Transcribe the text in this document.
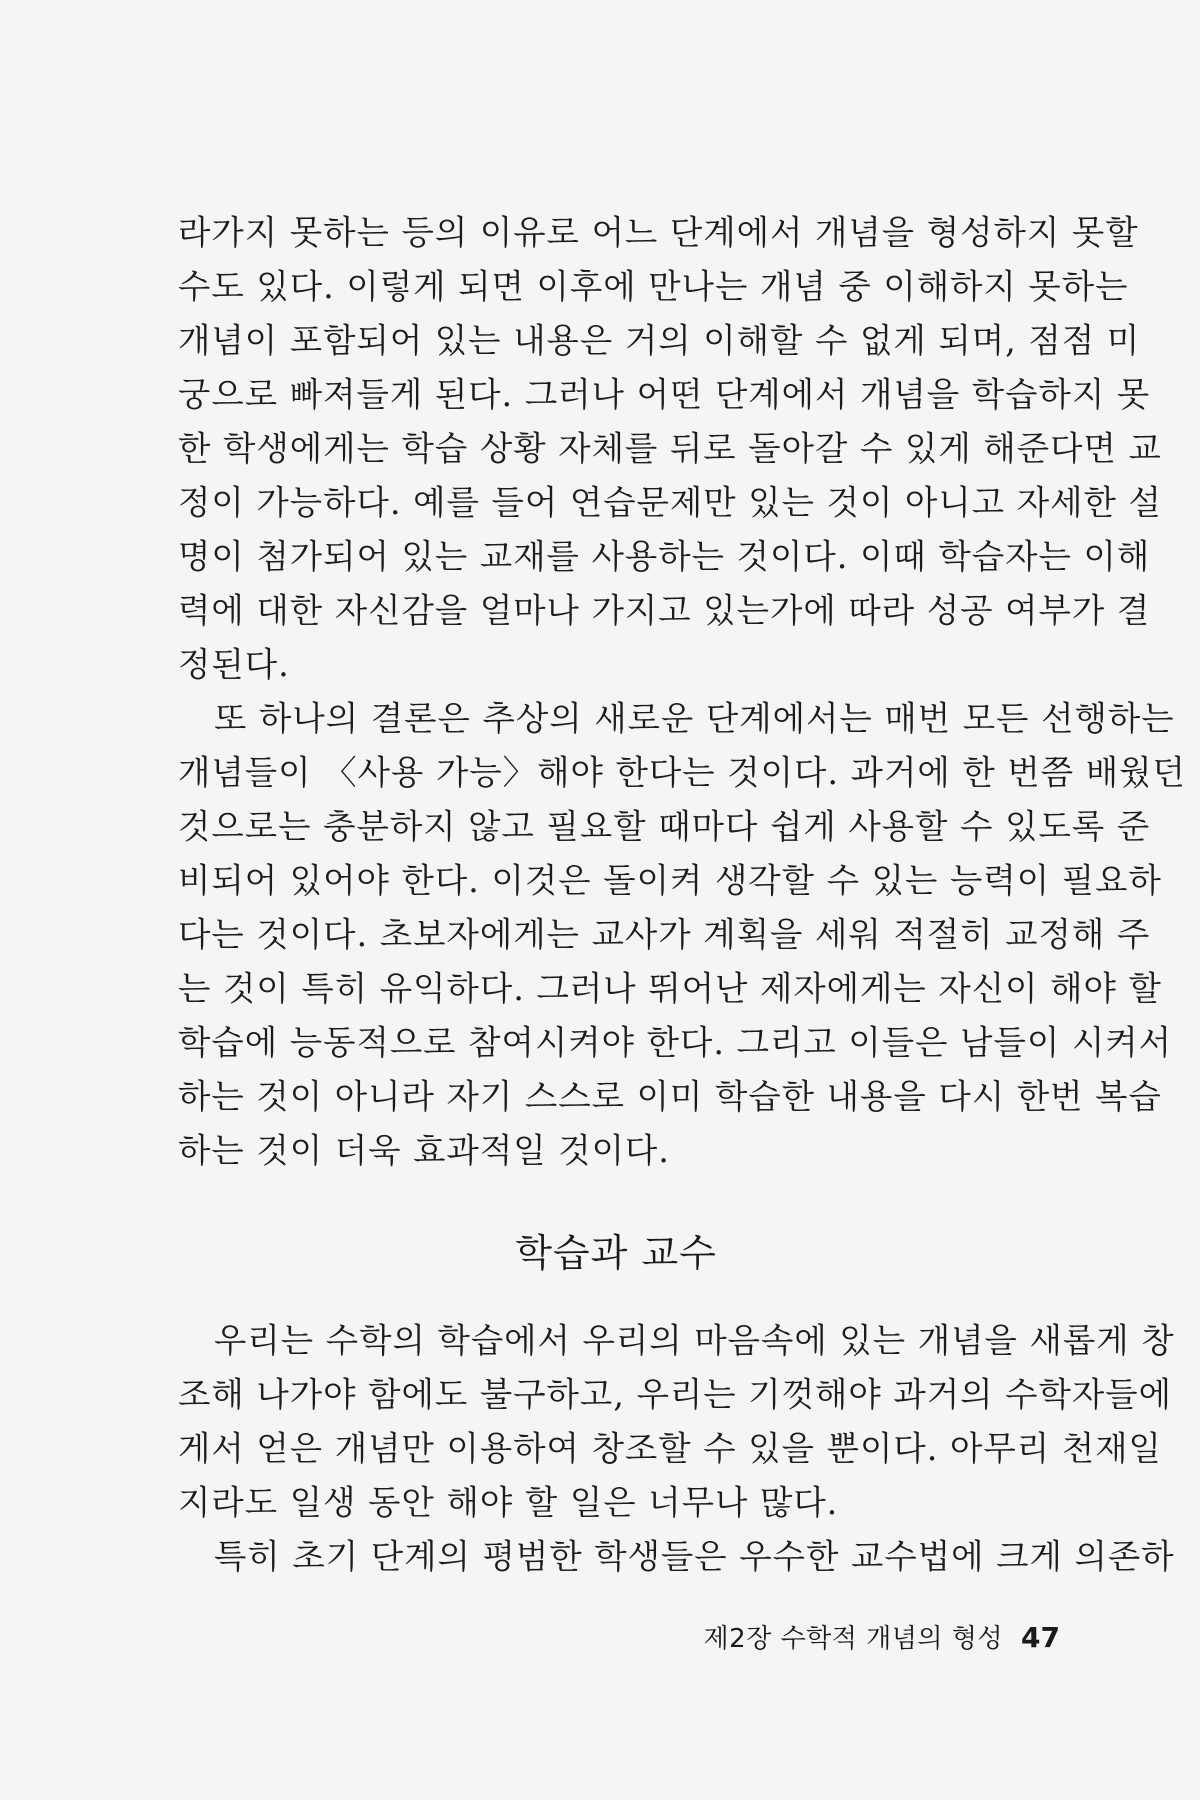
라가지 못하는 등의 이유로 어느 단계에서 개념을 형성하지 못할
수도 있다. 이렇게 되면 이후에 만나는 개념 중 이해하지 못하는
개념이 포함되어 있는 내용은 거의 이해할 수 없게 되며, 점점 미
궁으로 빠져들게 된다. 그러나 어떤 단계에서 개념을 학습하지 못
한 학생에게는 학습 상황 자체를 뒤로 돌아갈 수 있게 해준다면 교
정이 가능하다. 예를 들어 연습문제만 있는 것이 아니고 자세한 설
명이 첨가되어 있는 교재를 사용하는 것이다. 이때 학습자는 이해
력에 대한 자신감을 얼마나 가지고 있는가에 따라 성공 여부가 결
정된다.
또 하나의 결론은 추상의 새로운 단계에서는 매번 모든 선행하는
개념들이 〈사용 가능〉해야 한다는 것이다. 과거에 한 번쯤 배웠던
것으로는 충분하지 않고 필요할 때마다 쉽게 사용할 수 있도록 준
비되어 있어야 한다. 이것은 돌이켜 생각할 수 있는 능력이 필요하
다는 것이다. 초보자에게는 교사가 계획을 세워 적절히 교정해 주
는 것이 특히 유익하다. 그러나 뛰어난 제자에게는 자신이 해야 할
학습에 능동적으로 참여시켜야 한다. 그리고 이들은 남들이 시켜서
하는 것이 아니라 자기 스스로 이미 학습한 내용을 다시 한번 복습
하는 것이 더욱 효과적일 것이다.
학습과 교수
우리는 수학의 학습에서 우리의 마음속에 있는 개념을 새롭게 창
조해 나가야 함에도 불구하고, 우리는 기껏해야 과거의 수학자들에
게서 얻은 개념만 이용하여 창조할 수 있을 뿐이다. 아무리 천재일
지라도 일생 동안 해야 할 일은 너무나 많다.
특히 초기 단계의 평범한 학생들은 우수한 교수법에 크게 의존하
제2장 수학적 개념의 형성 47
